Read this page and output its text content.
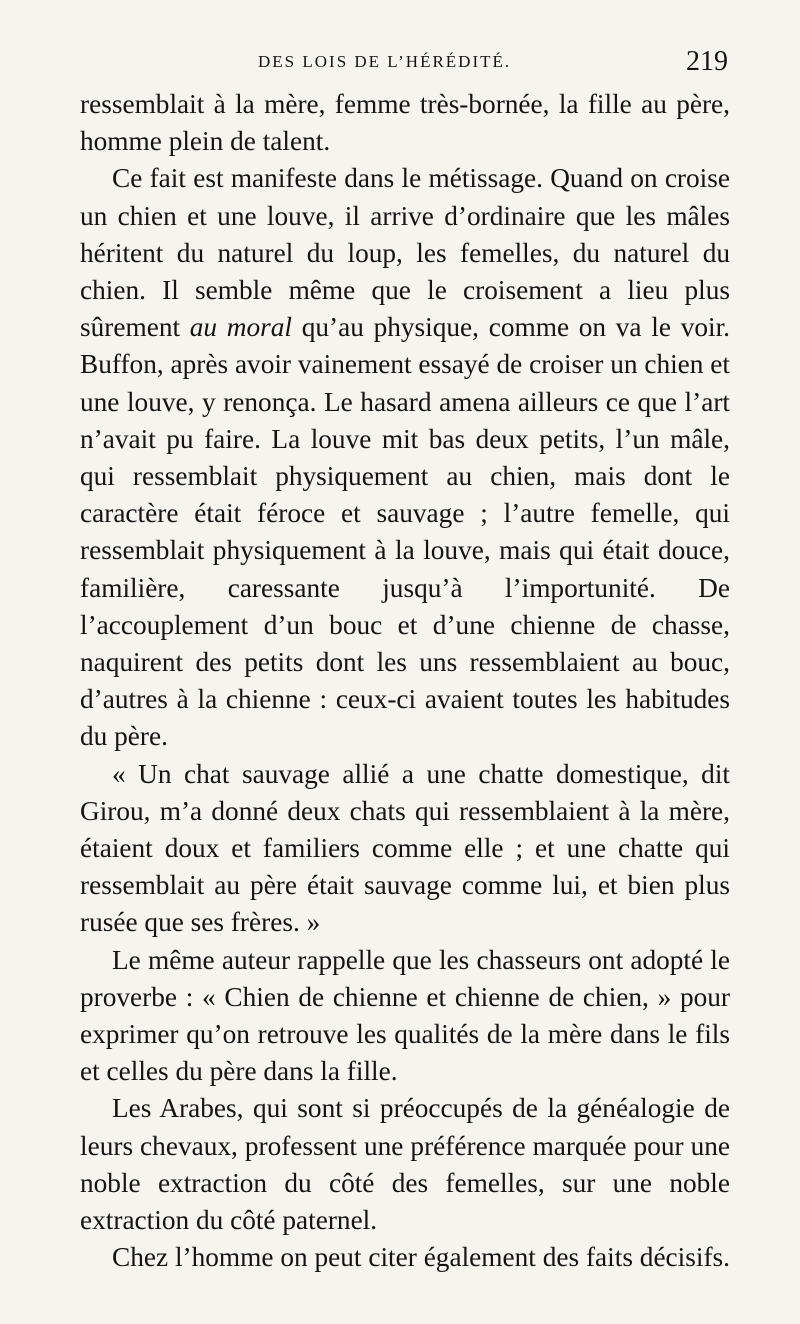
DES LOIS DE L’HÉRÉDITÉ.	219

ressemblait à la mère, femme très-bornée, la fille au père, homme plein de talent.

Ce fait est manifeste dans le métissage. Quand on croise un chien et une louve, il arrive d’ordinaire que les mâles héritent du naturel du loup, les femelles, du naturel du chien. Il semble même que le croisement a lieu plus sûrement au moral qu’au physique, comme on va le voir. Buffon, après avoir vainement essayé de croiser un chien et une louve, y renonça. Le hasard amena ailleurs ce que l’art n’avait pu faire. La louve mit bas deux petits, l’un mâle, qui ressemblait physiquement au chien, mais dont le caractère était féroce et sauvage ; l’autre femelle, qui ressemblait physiquement à la louve, mais qui était douce, familière, caressante jusqu’à l’importunité. De l’accouplement d’un bouc et d’une chienne de chasse, naquirent des petits dont les uns ressemblaient au bouc, d’autres à la chienne : ceux-ci avaient toutes les habitudes du père.

« Un chat sauvage allié a une chatte domestique, dit Girou, m’a donné deux chats qui ressemblaient à la mère, étaient doux et familiers comme elle ; et une chatte qui ressemblait au père était sauvage comme lui, et bien plus rusée que ses frères. »

Le même auteur rappelle que les chasseurs ont adopté le proverbe : « Chien de chienne et chienne de chien, » pour exprimer qu’on retrouve les qualités de la mère dans le fils et celles du père dans la fille.

Les Arabes, qui sont si préoccupés de la généalogie de leurs chevaux, professent une préférence marquée pour une noble extraction du côté des femelles, sur une noble extraction du côté paternel.

Chez l’homme on peut citer également des faits décisifs.
